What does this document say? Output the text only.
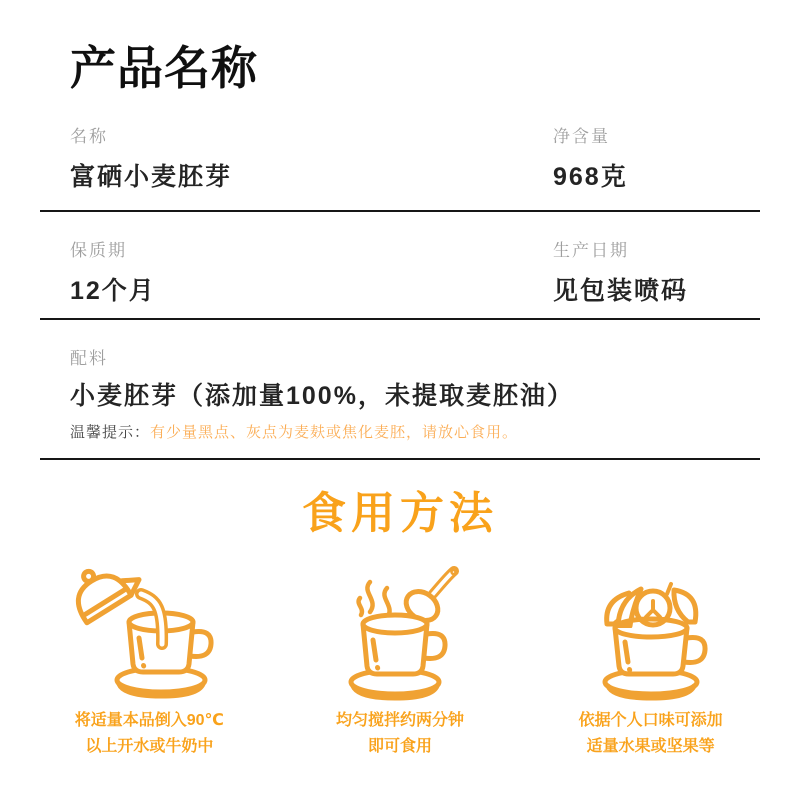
产品名称
名称
富硒小麦胚芽
净含量
968克
保质期
12个月
生产日期
见包装喷码
配料
小麦胚芽（添加量100%，未提取麦胚油）
温馨提示：有少量黑点、灰点为麦麸或焦化麦胚，请放心食用。
食用方法
将适量本品倒入90℃
以上开水或牛奶中
均匀搅拌约两分钟
即可食用
依据个人口味可添加
适量水果或坚果等
